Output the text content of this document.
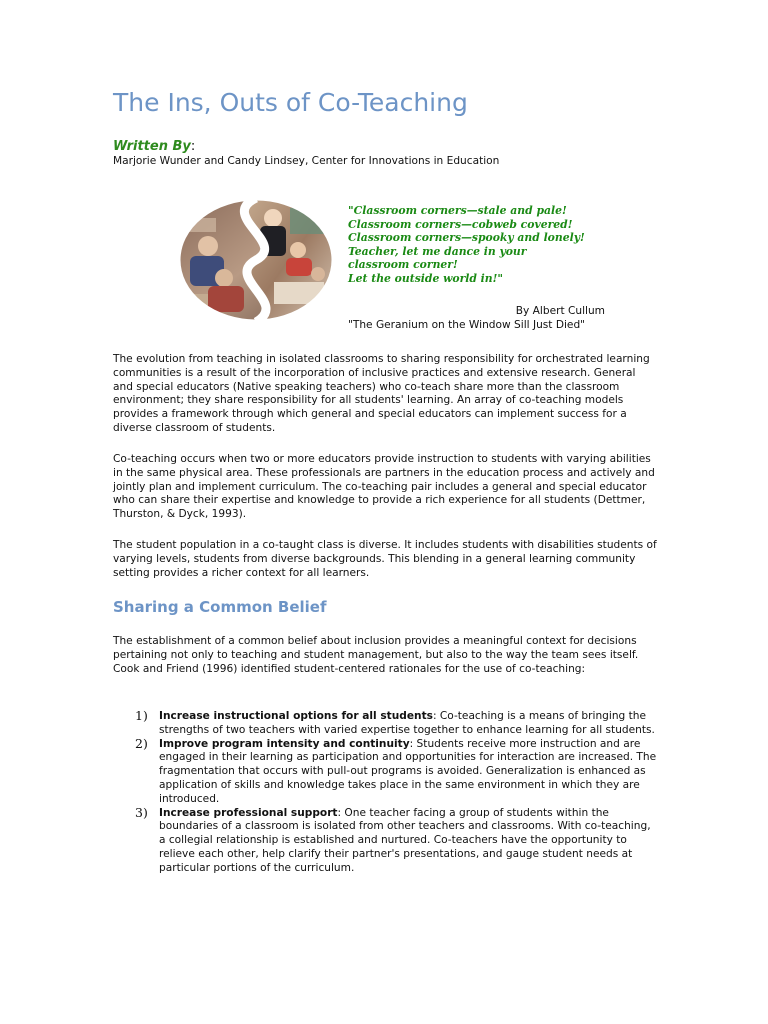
The Ins, Outs of Co-Teaching
Written By:
Marjorie Wunder and Candy Lindsey, Center for Innovations in Education
"Classroom corners—stale and pale!
Classroom corners—cobweb covered!
Classroom corners—spooky and lonely!
Teacher, let me dance in your
classroom corner!
Let the outside world in!"
By Albert Cullum
"The Geranium on the Window Sill Just Died"

The evolution from teaching in isolated classrooms to sharing responsibility for orchestrated learning communities is a result of the incorporation of inclusive practices and extensive research. General and special educators (Native speaking teachers) who co-teach share more than the classroom environment; they share responsibility for all students' learning. An array of co-teaching models provides a framework through which general and special educators can implement success for a diverse classroom of students.

Co-teaching occurs when two or more educators provide instruction to students with varying abilities in the same physical area. These professionals are partners in the education process and actively and jointly plan and implement curriculum. The co-teaching pair includes a general and special educator who can share their expertise and knowledge to provide a rich experience for all students (Dettmer, Thurston, & Dyck, 1993).

The student population in a co-taught class is diverse. It includes students with disabilities students of varying levels, students from diverse backgrounds. This blending in a general learning community setting provides a richer context for all learners.

Sharing a Common Belief

The establishment of a common belief about inclusion provides a meaningful context for decisions pertaining not only to teaching and student management, but also to the way the team sees itself. Cook and Friend (1996) identified student-centered rationales for the use of co-teaching:

1) Increase instructional options for all students: Co-teaching is a means of bringing the strengths of two teachers with varied expertise together to enhance learning for all students.
2) Improve program intensity and continuity: Students receive more instruction and are engaged in their learning as participation and opportunities for interaction are increased. The fragmentation that occurs with pull-out programs is avoided. Generalization is enhanced as application of skills and knowledge takes place in the same environment in which they are introduced.
3) Increase professional support: One teacher facing a group of students within the boundaries of a classroom is isolated from other teachers and classrooms. With co-teaching, a collegial relationship is established and nurtured. Co-teachers have the opportunity to relieve each other, help clarify their partner's presentations, and gauge student needs at particular portions of the curriculum.
